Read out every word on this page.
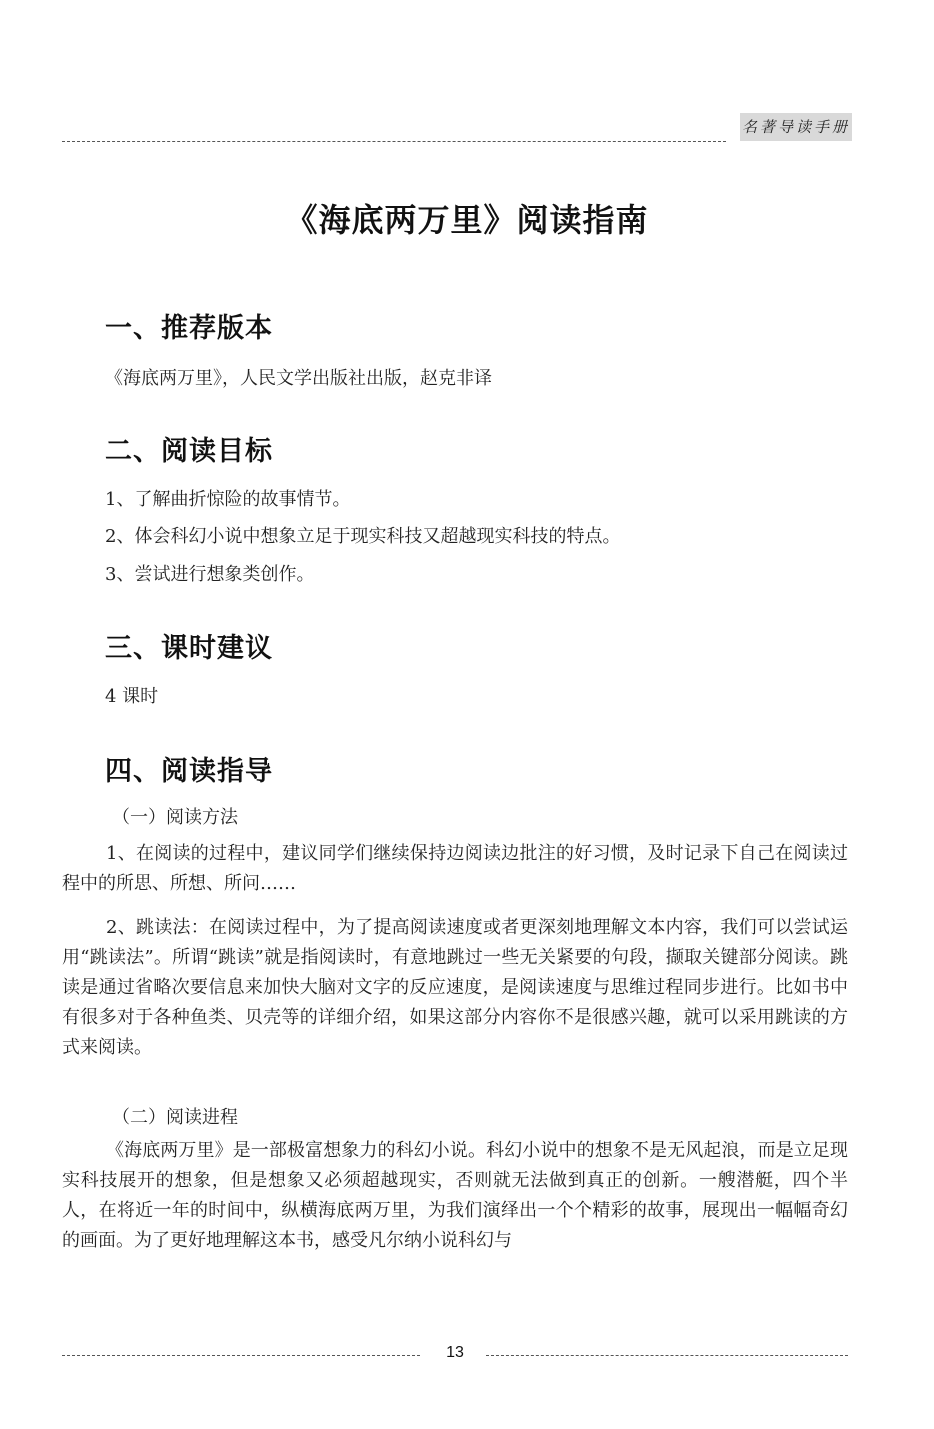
名著导读手册
《海底两万里》阅读指南
一、推荐版本
《海底两万里》，人民文学出版社出版，赵克非译
二、阅读目标
1、了解曲折惊险的故事情节。
2、体会科幻小说中想象立足于现实科技又超越现实科技的特点。
3、尝试进行想象类创作。
三、课时建议
4 课时
四、阅读指导
（一）阅读方法

1、在阅读的过程中，建议同学们继续保持边阅读边批注的好习惯，及时记录下自己在阅读过程中的所思、所想、所问……

2、跳读法：在阅读过程中，为了提高阅读速度或者更深刻地理解文本内容，我们可以尝试运用“跳读法”。所谓“跳读”就是指阅读时，有意地跳过一些无关紧要的句段，撷取关键部分阅读。跳读是通过省略次要信息来加快大脑对文字的反应速度，是阅读速度与思维过程同步进行。比如书中有很多对于各种鱼类、贝壳等的详细介绍，如果这部分内容你不是很感兴趣，就可以采用跳读的方式来阅读。

（二）阅读进程

《海底两万里》是一部极富想象力的科幻小说。科幻小说中的想象不是无风起浪，而是立足现实科技展开的想象，但是想象又必须超越现实，否则就无法做到真正的创新。一艘潜艇，四个半人，在将近一年的时间中，纵横海底两万里，为我们演绎出一个个精彩的故事，展现出一幅幅奇幻的画面。为了更好地理解这本书，感受凡尔纳小说科幻与

13
